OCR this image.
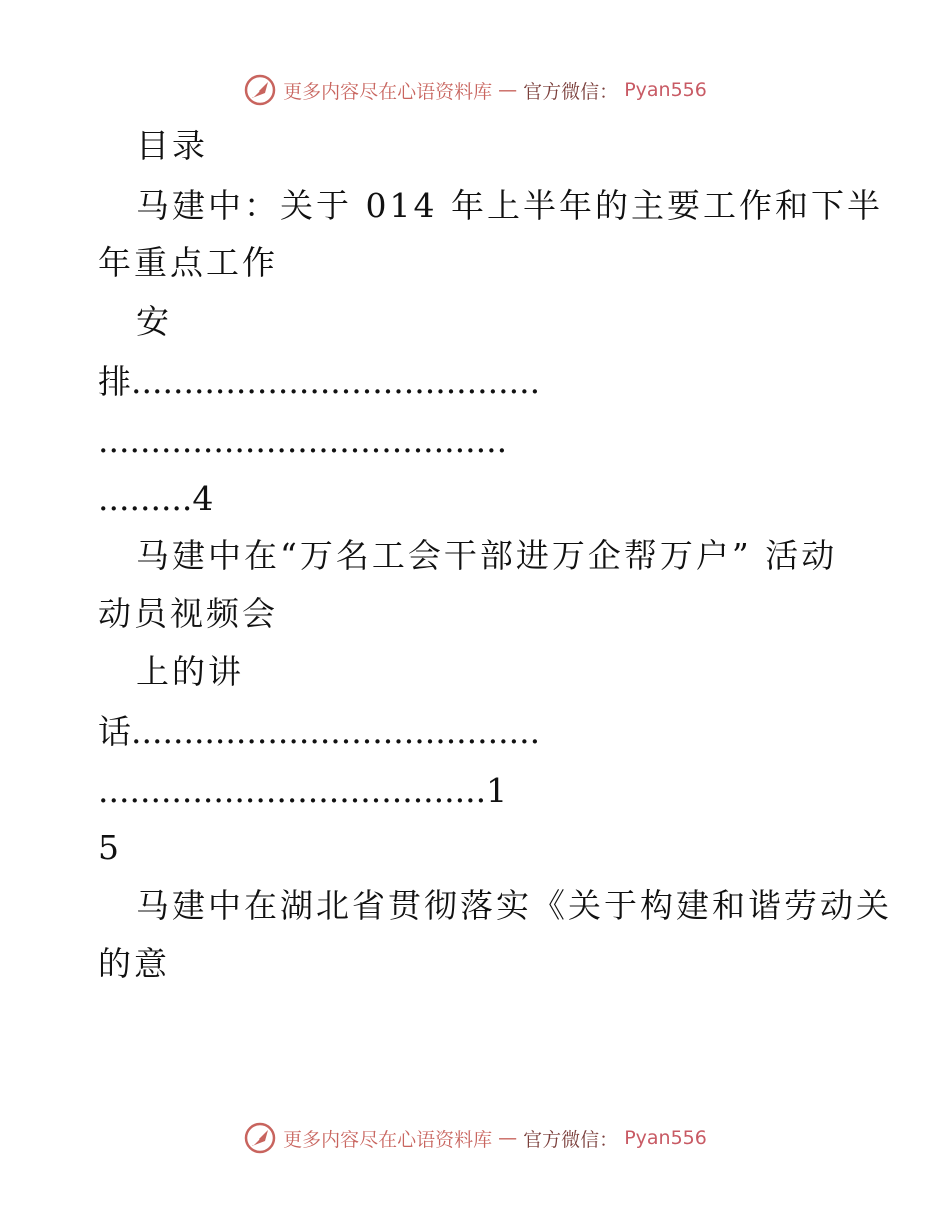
更多内容尽在心语资料库 — 官方微信： Pyan556
目录
马建中：关于 014 年上半年的主要工作和下半
年重点工作
安
排.......................................
.......................................
.........4
马建中在“万名工会干部进万企帮万户” 活动
动员视频会
上的讲
话.......................................
.....................................1
5
马建中在湖北省贯彻落实《关于构建和谐劳动关
的意
更多内容尽在心语资料库 — 官方微信： Pyan556
